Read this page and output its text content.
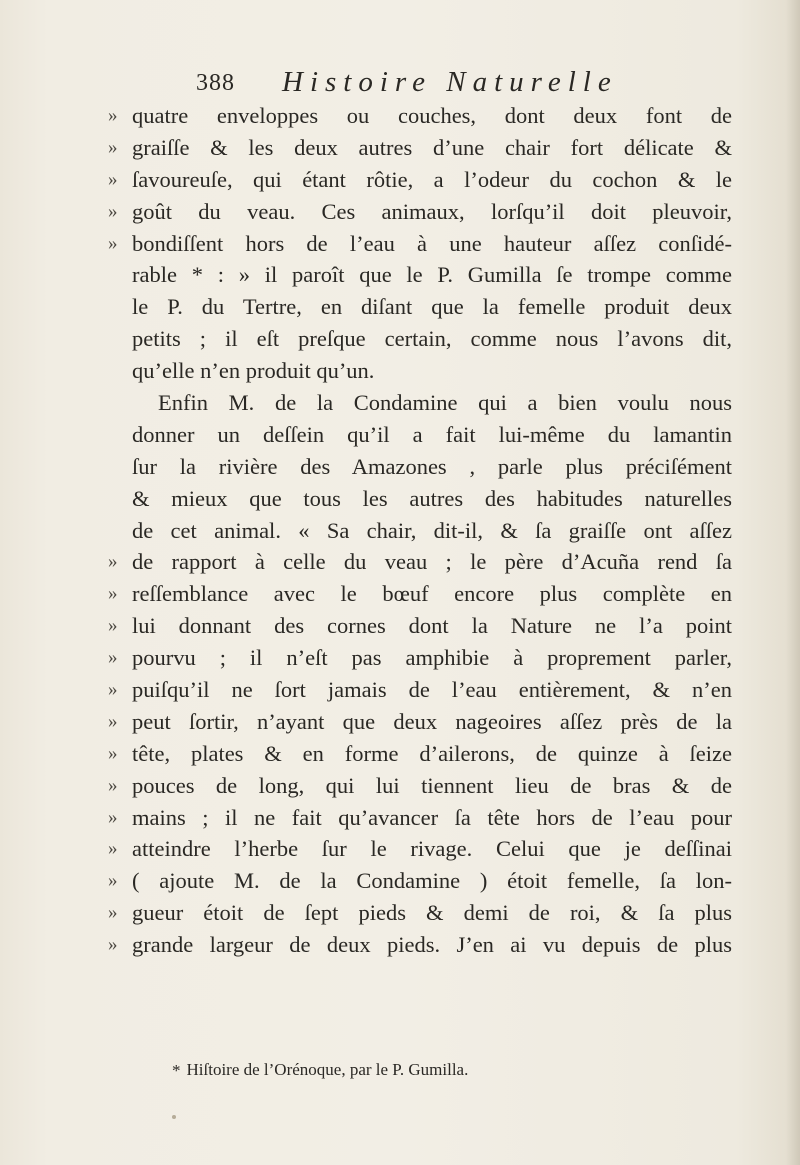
388 Histoire Naturelle
» quatre enveloppes ou couches, dont deux font de
» graiſſe & les deux autres d’une chair fort délicate &
» ſavoureuſe, qui étant rôtie, a l’odeur du cochon & le
» goût du veau. Ces animaux, lorſqu’il doit pleuvoir,
» bondiſſent hors de l’eau à une hauteur aſſez conſidé-
rable * : » il paroît que le P. Gumilla ſe trompe comme
le P. du Tertre, en diſant que la femelle produit deux
petits ; il eſt preſque certain, comme nous l’avons dit,
qu’elle n’en produit qu’un.
Enfin M. de la Condamine qui a bien voulu nous
donner un deſſein qu’il a fait lui-même du lamantin
ſur la rivière des Amazones , parle plus préciſément
& mieux que tous les autres des habitudes naturelles
de cet animal. « Sa chair, dit-il, & ſa graiſſe ont aſſez
» de rapport à celle du veau ; le père d’Acuña rend ſa
» reſſemblance avec le bœuf encore plus complète en
» lui donnant des cornes dont la Nature ne l’a point
» pourvu ; il n’eſt pas amphibie à proprement parler,
» puiſqu’il ne ſort jamais de l’eau entièrement, & n’en
» peut ſortir, n’ayant que deux nageoires aſſez près de la
» tête, plates & en forme d’ailerons, de quinze à ſeize
» pouces de long, qui lui tiennent lieu de bras & de
» mains ; il ne fait qu’avancer ſa tête hors de l’eau pour
» atteindre l’herbe ſur le rivage. Celui que je deſſinai
» ( ajoute M. de la Condamine ) étoit femelle, ſa lon-
» gueur étoit de ſept pieds & demi de roi, & ſa plus
» grande largeur de deux pieds. J’en ai vu depuis de plus
* Hiſtoire de l’Orénoque, par le P. Gumilla.
